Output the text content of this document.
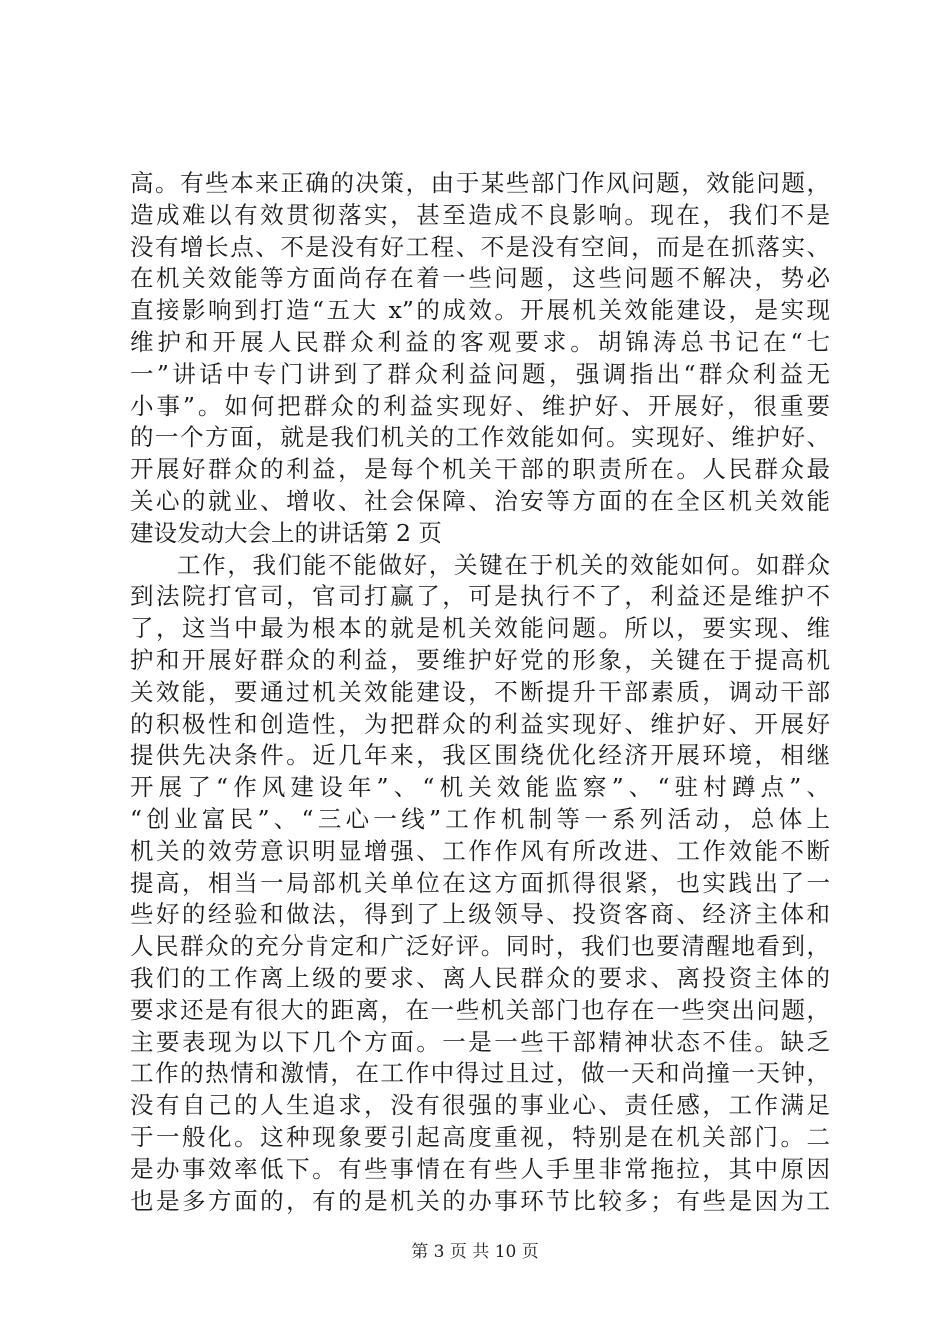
高。有些本来正确的决策，由于某些部门作风问题，效能问题，
造成难以有效贯彻落实，甚至造成不良影响。现在，我们不是
没有增长点、不是没有好工程、不是没有空间，而是在抓落实、
在机关效能等方面尚存在着一些问题，这些问题不解决，势必
直接影响到打造“五大 x”的成效。开展机关效能建设，是实现
维护和开展人民群众利益的客观要求。胡锦涛总书记在“七
一”讲话中专门讲到了群众利益问题，强调指出“群众利益无
小事”。如何把群众的利益实现好、维护好、开展好，很重要
的一个方面，就是我们机关的工作效能如何。实现好、维护好、
开展好群众的利益，是每个机关干部的职责所在。人民群众最
关心的就业、增收、社会保障、治安等方面的在全区机关效能
建设发动大会上的讲话第 2 页
工作，我们能不能做好，关键在于机关的效能如何。如群众
到法院打官司，官司打赢了，可是执行不了，利益还是维护不
了，这当中最为根本的就是机关效能问题。所以，要实现、维
护和开展好群众的利益，要维护好党的形象，关键在于提高机
关效能，要通过机关效能建设，不断提升干部素质，调动干部
的积极性和创造性，为把群众的利益实现好、维护好、开展好
提供先决条件。近几年来，我区围绕优化经济开展环境，相继
开展了“作风建设年”、“机关效能监察”、“驻村蹲点”、
“创业富民”、“三心一线”工作机制等一系列活动，总体上
机关的效劳意识明显增强、工作作风有所改进、工作效能不断
提高，相当一局部机关单位在这方面抓得很紧，也实践出了一
些好的经验和做法，得到了上级领导、投资客商、经济主体和
人民群众的充分肯定和广泛好评。同时，我们也要清醒地看到，
我们的工作离上级的要求、离人民群众的要求、离投资主体的
要求还是有很大的距离，在一些机关部门也存在一些突出问题，
主要表现为以下几个方面。一是一些干部精神状态不佳。缺乏
工作的热情和激情，在工作中得过且过，做一天和尚撞一天钟，
没有自己的人生追求，没有很强的事业心、责任感，工作满足
于一般化。这种现象要引起高度重视，特别是在机关部门。二
是办事效率低下。有些事情在有些人手里非常拖拉，其中原因
也是多方面的，有的是机关的办事环节比较多；有些是因为工
第 3 页 共 10 页
